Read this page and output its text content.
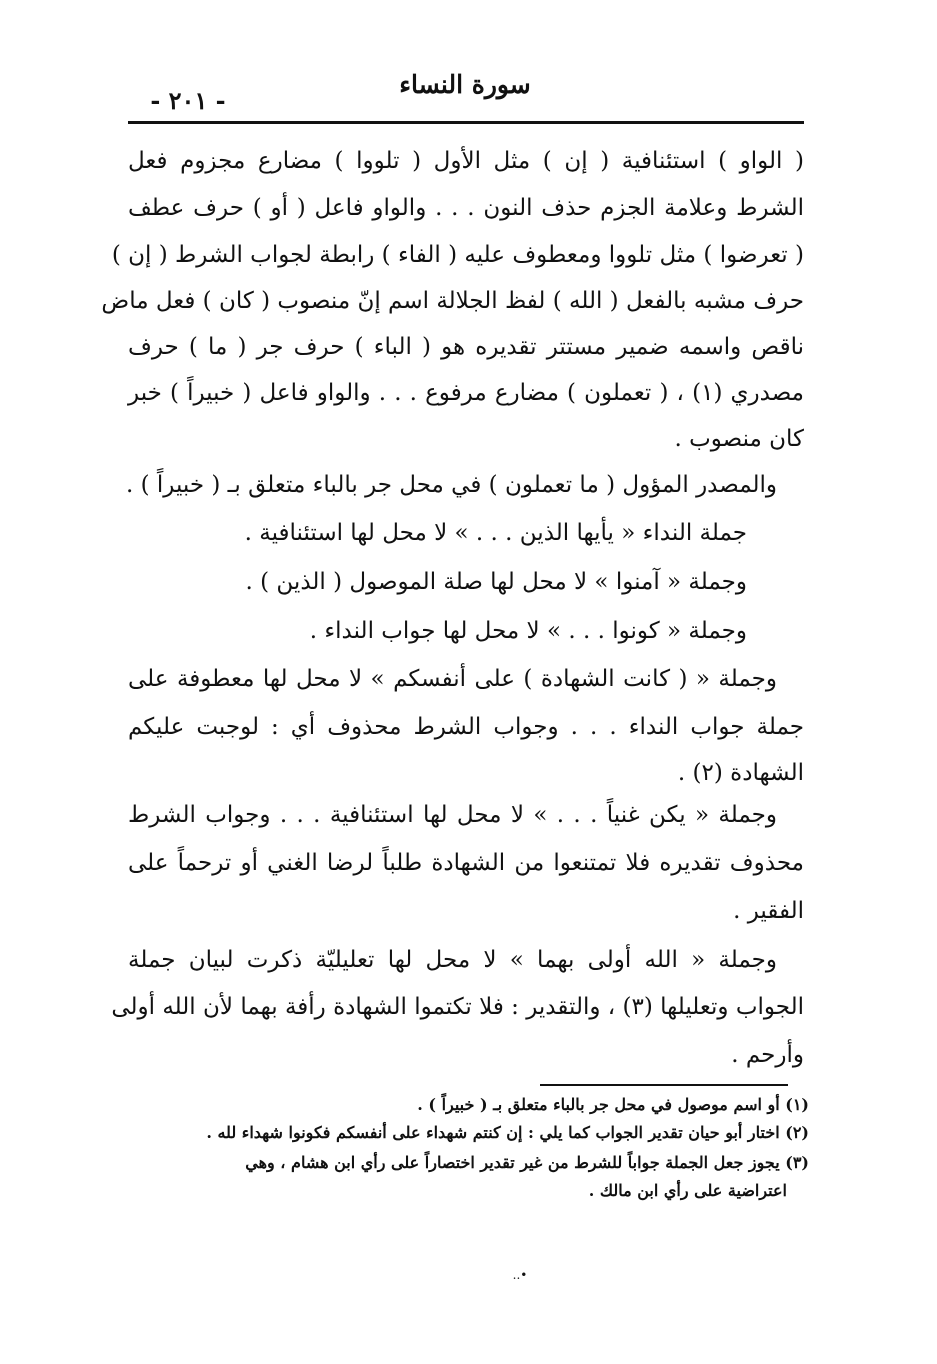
سورة النساء
- ٢٠١ -
( الواو ) استئنافية ( إن ) مثل الأول ( تلووا ) مضارع مجزوم فعل
الشرط وعلامة الجزم حذف النون . . . والواو فاعل ( أو ) حرف عطف
( تعرضوا ) مثل تلووا ومعطوف عليه ( الفاء ) رابطة لجواب الشرط ( إن )
حرف مشبه بالفعل ( الله ) لفظ الجلالة اسم إنّ منصوب ( كان ) فعل ماض
ناقص واسمه ضمير مستتر تقديره هو ( الباء ) حرف جر ( ما ) حرف
مصدري (١) ، ( تعملون ) مضارع مرفوع . . . والواو فاعل ( خبيراً ) خبر
كان منصوب .
والمصدر المؤول ( ما تعملون ) في محل جر بالباء متعلق بـ ( خبيراً ) .
جملة النداء « يأيها الذين . . . » لا محل لها استئنافية .
وجملة « آمنوا » لا محل لها صلة الموصول ( الذين ) .
وجملة « كونوا . . . » لا محل لها جواب النداء .
وجملة « ( كانت الشهادة ) على أنفسكم » لا محل لها معطوفة على
جملة جواب النداء . . . وجواب الشرط محذوف أي : لوجبت عليكم
الشهادة (٢) .
وجملة « يكن غنياً . . . » لا محل لها استئنافية . . . وجواب الشرط
محذوف تقديره فلا تمتنعوا من الشهادة طلباً لرضا الغني أو ترحماً على
الفقير .
وجملة « الله أولى بهما » لا محل لها تعليليّة ذكرت لبيان جملة
الجواب وتعليلها (٣) ، والتقدير : فلا تكتموا الشهادة رأفة بهما لأن الله أولى
وأرحم .
(١) أو اسم موصول في محل جر بالباء متعلق بـ ( خبيراً ) .
(٢) اختار أبو حيان تقدير الجواب كما يلي : إن كنتم شهداء على أنفسكم فكونوا شهداء لله .
(٣) يجوز جعل الجملة جواباً للشرط من غير تقدير اختصاراً على رأي ابن هشام ، وهي
اعتراضية على رأي ابن مالك .
•..
